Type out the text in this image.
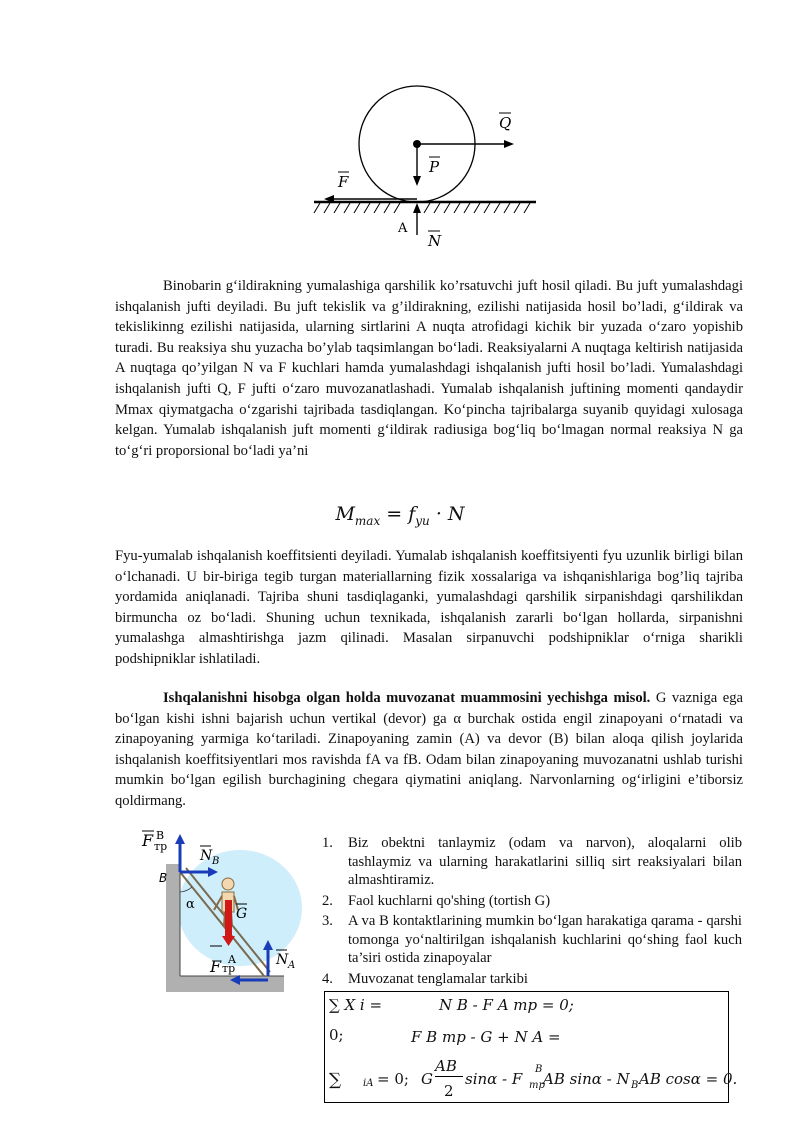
Q
P
F
A
N

Binobarin g‘ildirakning yumalashiga qarshilik ko’rsatuvchi juft hosil qiladi. Bu juft yumalashdagi ishqalanish jufti deyiladi. Bu juft tekislik va g’ildirakning, ezilishi natijasida hosil bo’ladi, g‘ildirak va tekislikinng ezilishi natijasida, ularning sirtlarini A nuqta atrofidagi kichik bir yuzada o‘zaro yopishib turadi. Bu reaksiya shu yuzacha bo’ylab taqsimlangan bo‘ladi. Reaksiyalarni A nuqtaga keltirish natijasida A nuqtaga qo’yilgan N va F kuchlari hamda yumalashdagi ishqalanish jufti hosil bo’ladi. Yumalashdagi ishqalanish jufti Q, F jufti o‘zaro muvozanatlashadi. Yumalab ishqalanish juftining momenti qandaydir Mmax qiymatgacha o‘zgarishi tajribada tasdiqlangan. Ko‘pincha tajribalarga suyanib quyidagi xulosaga kelgan. Yumalab ishqalanish juft momenti g‘ildirak radiusiga bog‘liq bo‘lmagan normal reaksiya N ga to‘g‘ri proporsional bo‘ladi ya’ni

$M_{max} = f_{yu} \cdot N$

Fyu-yumalab ishqalanish koeffitsienti deyiladi. Yumalab ishqalanish koeffitsiyenti fyu uzunlik birligi bilan o‘lchanadi. U bir-biriga tegib turgan materiallarning fizik xossalariga va ishqanishlariga bog’liq tajriba yordamida aniqlanadi. Tajriba shuni tasdiqlaganki, yumalashdagi qarshilik sirpanishdagi qarshilikdan birmuncha oz bo‘ladi. Shuning uchun texnikada, ishqalanish zararli bo‘lgan hollarda, sirpanishni yumalashga almashtirishga jazm qilinadi. Masalan sirpanuvchi podshipniklar o‘rniga sharikli podshipniklar ishlatiladi.

Ishqalanishni hisobga olgan holda muvozanat muammosini yechishga misol. G vazniga ega bo‘lgan kishi ishni bajarish uchun vertikal (devor) ga α burchak ostida engil zinapoyani o‘rnatadi va zinapoyaning yarmiga ko‘tariladi. Zinapoyaning zamin (A) va devor (B) bilan aloqa qilish joylarida ishqalanish koeffitsiyentlari mos ravishda fA va fB. Odam bilan zinapoyaning muvozanatni ushlab turishi mumkin bo‘lgan egilish burchagining chegara qiymatini aniqlang. Narvonlarning og‘irligini e’tiborsiz qoldirmang.

F B
тр
N B
B
α
G
F A
тр
N A
1. Biz obektni tanlaymiz (odam va narvon), aloqalarni olib tashlaymiz va ularning harakatlarini silliq sirt reaksiyalari bilan almashtiramiz.
2. Faol kuchlarni qo'shing (tortish G)
3. A va B kontaktlarining mumkin bo‘lgan harakatiga qarama - qarshi tomonga yo‘naltirilgan ishqalanish kuchlarini qo‘shing faol kuch ta’siri ostida zinapoyalar
4. Muvozanat tenglamalar tarkibi
∑ X i =	N B - F A тр = 0;
0;	F B тр - G + N A =
∑ iA = 0; G
AB
2
sinα - F
B
тр
AB sinα - N B AB cosα = 0.
